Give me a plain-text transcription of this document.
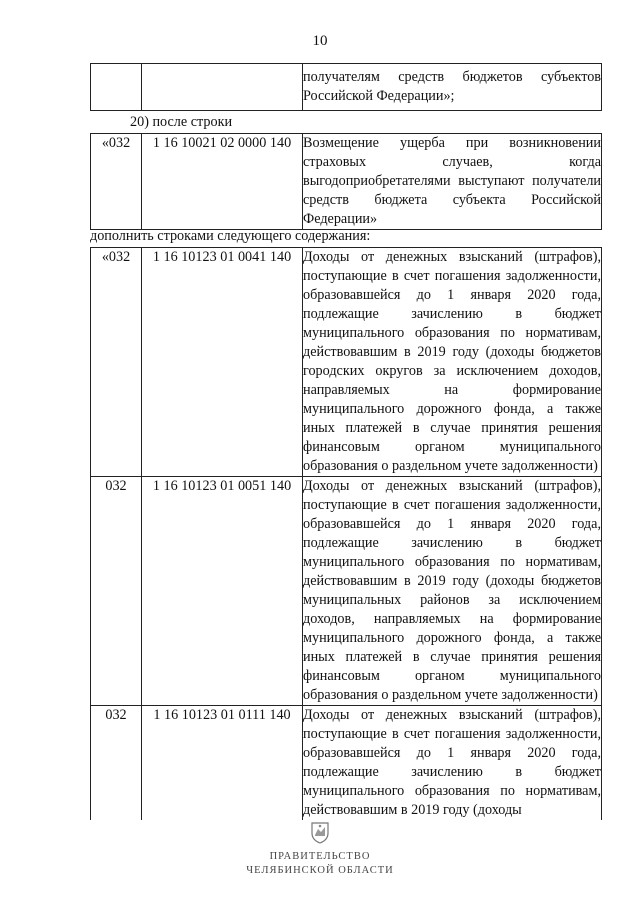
10
		получателям средств бюджетов субъектов Российской Федерации»;
20) после строки
«032	1 16 10021 02 0000 140	Возмещение ущерба при возникновении страховых случаев, когда выгодоприобретателями выступают получатели средств бюджета субъекта Российской Федерации»
дополнить строками следующего содержания:
«032	1 16 10123 01 0041 140	Доходы от денежных взысканий (штрафов), поступающие в счет погашения задолженности, образовавшейся до 1 января 2020 года, подлежащие зачислению в бюджет муниципального образования по нормативам, действовавшим в 2019 году (доходы бюджетов городских округов за исключением доходов, направляемых на формирование муниципального дорожного фонда, а также иных платежей в случае принятия решения финансовым органом муниципального образования о раздельном учете задолженности)
032	1 16 10123 01 0051 140	Доходы от денежных взысканий (штрафов), поступающие в счет погашения задолженности, образовавшейся до 1 января 2020 года, подлежащие зачислению в бюджет муниципального образования по нормативам, действовавшим в 2019 году (доходы бюджетов муниципальных районов за исключением доходов, направляемых на формирование муниципального дорожного фонда, а также иных платежей в случае принятия решения финансовым органом муниципального образования о раздельном учете задолженности)
032	1 16 10123 01 0111 140	Доходы от денежных взысканий (штрафов), поступающие в счет погашения задолженности, образовавшейся до 1 января 2020 года, подлежащие зачислению в бюджет муниципального образования по нормативам, действовавшим в 2019 году (доходы
ПРАВИТЕЛЬСТВО
ЧЕЛЯБИНСКОЙ ОБЛАСТИ
